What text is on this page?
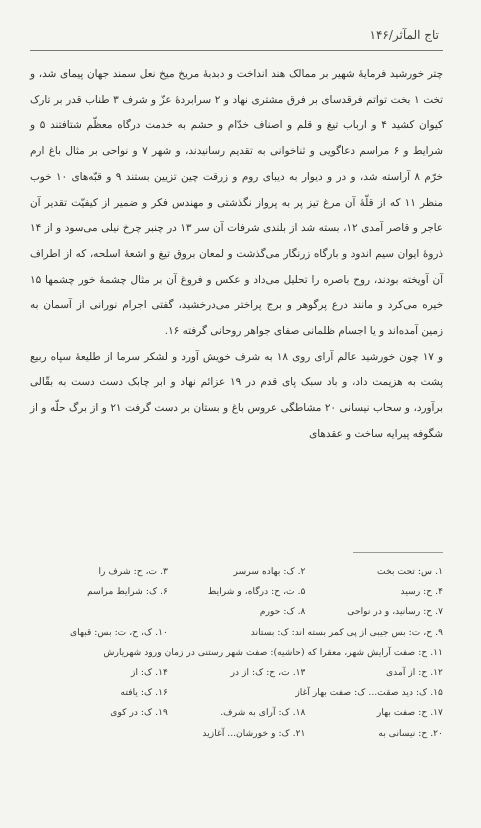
تاج المآثر/۱۴۶

چتر خورشید فرمایهٔ شهیر بر ممالک هند انداخت و دبدبهٔ مریخ میخ نعل سمند جهان پیمای شد، و تخت ۱ بخت تواتم فرقدسای بر فرق مشتری نهاد و ۲ سرابردهٔ عزّ و شرف ۳ طناب قدر بر تارک کیوان کشید ۴ و ارباب تیغ و قلم و اصناف خدّام و حشم به خدمت درگاه معظّم شتافتند ۵ و شرایط و ۶ مراسم دعاگویی و ثناخوانی به تقدیم رسانیدند، و شهر ۷ و نواحی بر مثال باغ ارم خرّم ۸ آراسته شد، و در و دیوار به دیبای روم و زرقت چین تزیین بستند ۹ و قبّه‌های ۱۰ خوب منظر ۱۱ که از قلّهٔ آن مرغ تیز پر به پرواز نگذشتی و مهندس فکر و ضمیر از کیفیّت تقدیر آن عاجر و قاصر آمدی ۱۲، بسته شد از بلندی شرفات آن سر ۱۳ در چنبر چرخ نیلی می‌سود و از ۱۴ ذروهٔ ایوان سیم اندود و بارگاه زرنگار می‌گذشت و لمعان بروق تیغ و اشعهٔ اسلحه، که از اطراف آن آویخته بودند، روح باصره را تحلیل می‌داد و عکس و فروغ آن بر مثال چشمهٔ خور چشمها ۱۵ خیره می‌کرد و مانند درع پرگوهر و برج پراختر می‌درخشید، گفتی اجرام نورانی از آسمان به زمین آمده‌اند و یا اجسام ظلمانی صفای جواهر روحانی گرفته ۱۶.

و ۱۷ چون خورشید عالم آرای روی ۱۸ به شرف خویش آورد و لشکر سرما از طلیعهٔ سپاه ربیع پشت به هزیمت داد، و باد سبک پای قدم در ۱۹ عزائم نهاد و ابر چابک دست دست به بقّالی برآورد، و سحاب نیسانی ۲۰ مشاطگی عروس باغ و بستان بر دست گرفت ۲۱ و از برگ حلّه و از شگوفه پیرایه ساخت و عقدهای

۱. س: تحت بخت
۲. ک: بهاده سرسر
۳. ت، ح: شرف را
۴. ح: رسید
۵. ت، ح: درگاه، و شرایط
۶. ک: شرایط مراسم
۷. ح: رسانید، و در نواحی
۸. ک: حورم
۹. ح، ت: بس جیبی از پی کمر بسته اند: ک: بستاند
۱۰. ک، ح، ت: بس: قبهای
۱۱. ح: صفت آرایش شهر، معقرا که (حاشیه): صفت شهر رستنی در زمان ورود شهریارش
۱۲. ح: از آمدی
۱۳. ت، ح: ک: از در
۱۴. ک: از
۱۵. ک: دید صقت... ک: صفت بهار آغاز
۱۶. ک: یافته
۱۷. ح: صفت بهار
۱۸. ک: آرای به شرف.
۱۹. ک: در کوی
۲۰. ح: نیسانی به
۲۱. ک: و خورشان... آغازید
